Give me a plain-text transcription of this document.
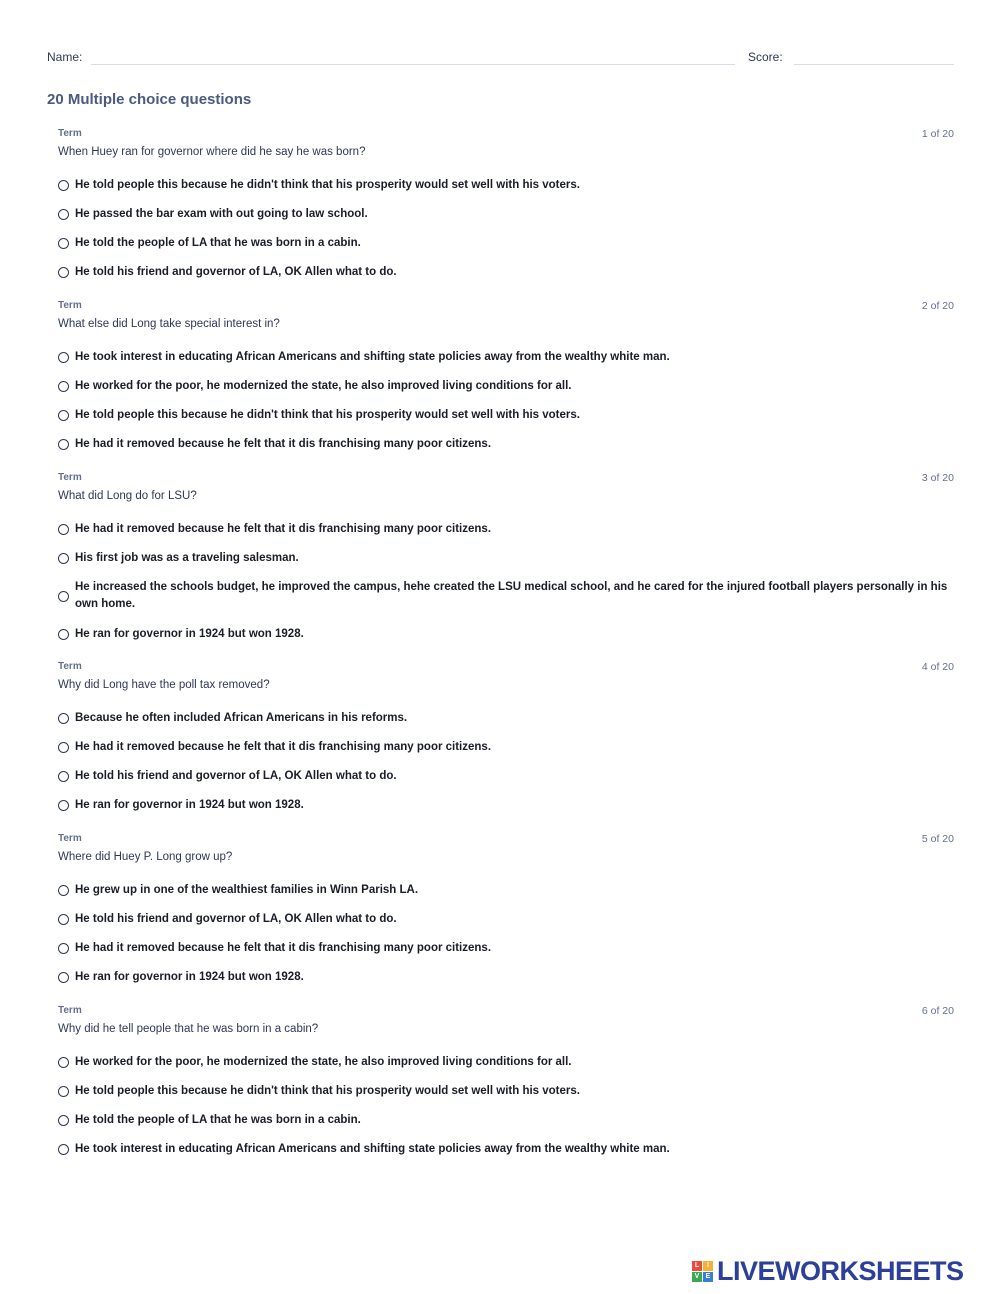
Name:	Score:
20 Multiple choice questions
Term	1 of 20
When Huey ran for governor where did he say he was born?
He told people this because he didn't think that his prosperity would set well with his voters.
He passed the bar exam with out going to law school.
He told the people of LA that he was born in a cabin.
He told his friend and governor of LA, OK Allen what to do.
Term	2 of 20
What else did Long take special interest in?
He took interest in educating African Americans and shifting state policies away from the wealthy white man.
He worked for the poor, he modernized the state, he also improved living conditions for all.
He told people this because he didn't think that his prosperity would set well with his voters.
He had it removed because he felt that it dis franchising many poor citizens.
Term	3 of 20
What did Long do for LSU?
He had it removed because he felt that it dis franchising many poor citizens.
His first job was as a traveling salesman.
He increased the schools budget, he improved the campus, hehe created the LSU medical school, and he cared for the injured football players personally in his own home.
He ran for governor in 1924 but won 1928.
Term	4 of 20
Why did Long have the poll tax removed?
Because he often included African Americans in his reforms.
He had it removed because he felt that it dis franchising many poor citizens.
He told his friend and governor of LA, OK Allen what to do.
He ran for governor in 1924 but won 1928.
Term	5 of 20
Where did Huey P. Long grow up?
He grew up in one of the wealthiest families in Winn Parish LA.
He told his friend and governor of LA, OK Allen what to do.
He had it removed because he felt that it dis franchising many poor citizens.
He ran for governor in 1924 but won 1928.
Term	6 of 20
Why did he tell people that he was born in a cabin?
He worked for the poor, he modernized the state, he also improved living conditions for all.
He told people this because he didn't think that his prosperity would set well with his voters.
He told the people of LA that he was born in a cabin.
He took interest in educating African Americans and shifting state policies away from the wealthy white man.
L	I
V E LIVEWORKSHEETS
